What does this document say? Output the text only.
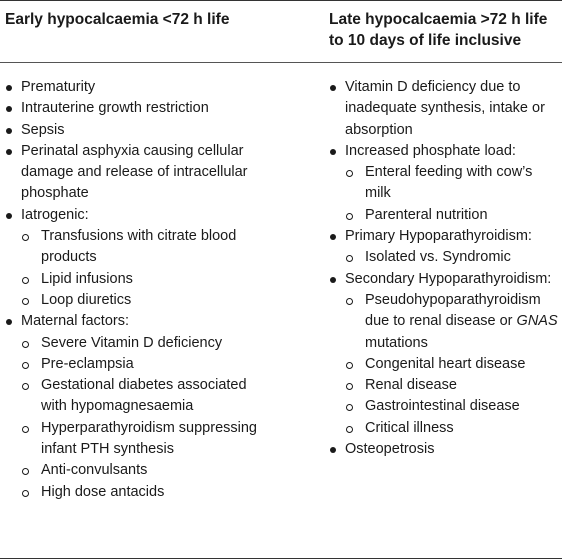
Early hypocalcaemia <72 h life	Late hypocalcaemia >72 h life to 10 days of life inclusive
Prematurity
Intrauterine growth restriction
Sepsis
Perinatal asphyxia causing cellular damage and release of intracellular phosphate
Iatrogenic:
Transfusions with citrate blood products
Lipid infusions
Loop diuretics
Maternal factors:
Severe Vitamin D deficiency
Pre-eclampsia
Gestational diabetes associated with hypomagnesaemia
Hyperparathyroidism suppressing infant PTH synthesis
Anti-convulsants
High dose antacids
Vitamin D deficiency due to inadequate synthesis, intake or absorption
Increased phosphate load:
Enteral feeding with cow’s milk
Parenteral nutrition
Primary Hypoparathyroidism:
Isolated vs. Syndromic
Secondary Hypoparathyroidism:
Pseudohypoparathyroidism due to renal disease or GNAS mutations
Congenital heart disease
Renal disease
Gastrointestinal disease
Critical illness
Osteopetrosis
